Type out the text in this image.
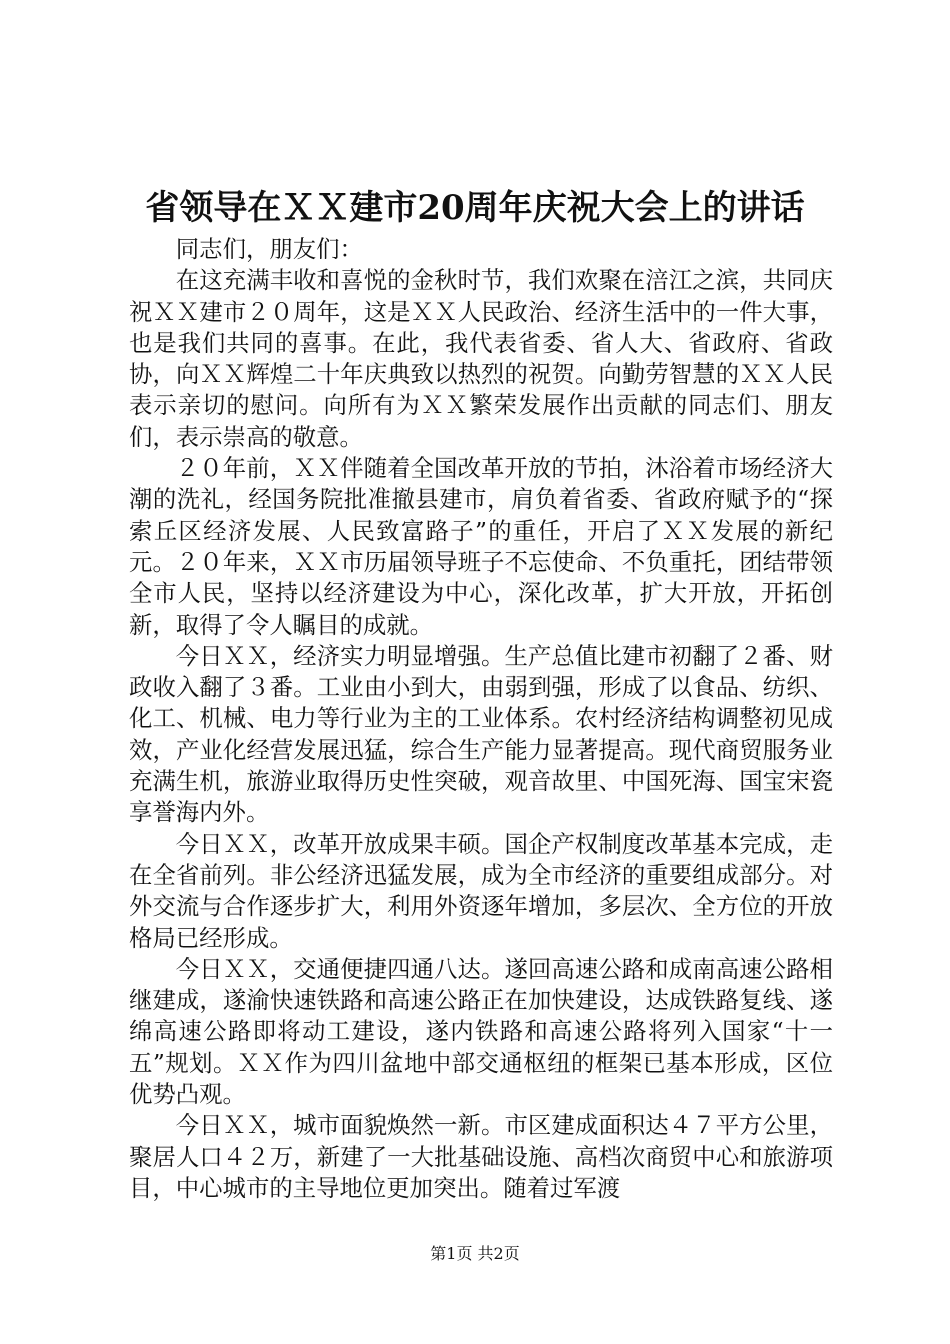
省领导在ＸＸ建市20周年庆祝大会上的讲话

同志们，朋友们：

在这充满丰收和喜悦的金秋时节，我们欢聚在涪江之滨，共同庆祝ＸＸ建市２０周年，这是ＸＸ人民政治、经济生活中的一件大事，也是我们共同的喜事。在此，我代表省委、省人大、省政府、省政协，向ＸＸ辉煌二十年庆典致以热烈的祝贺。向勤劳智慧的ＸＸ人民表示亲切的慰问。向所有为ＸＸ繁荣发展作出贡献的同志们、朋友们，表示崇高的敬意。

２０年前，ＸＸ伴随着全国改革开放的节拍，沐浴着市场经济大潮的洗礼，经国务院批准撤县建市，肩负着省委、省政府赋予的“探索丘区经济发展、人民致富路子”的重任，开启了ＸＸ发展的新纪元。２０年来，ＸＸ市历届领导班子不忘使命、不负重托，团结带领全市人民，坚持以经济建设为中心，深化改革，扩大开放，开拓创新，取得了令人瞩目的成就。

今日ＸＸ，经济实力明显增强。生产总值比建市初翻了２番、财政收入翻了３番。工业由小到大，由弱到强，形成了以食品、纺织、化工、机械、电力等行业为主的工业体系。农村经济结构调整初见成效，产业化经营发展迅猛，综合生产能力显著提高。现代商贸服务业充满生机，旅游业取得历史性突破，观音故里、中国死海、国宝宋瓷享誉海内外。

今日ＸＸ，改革开放成果丰硕。国企产权制度改革基本完成，走在全省前列。非公经济迅猛发展，成为全市经济的重要组成部分。对外交流与合作逐步扩大，利用外资逐年增加，多层次、全方位的开放格局已经形成。

今日ＸＸ，交通便捷四通八达。遂回高速公路和成南高速公路相继建成，遂渝快速铁路和高速公路正在加快建设，达成铁路复线、遂绵高速公路即将动工建设，遂内铁路和高速公路将列入国家“十一五”规划。ＸＸ作为四川盆地中部交通枢纽的框架已基本形成，区位优势凸观。

今日ＸＸ，城市面貌焕然一新。市区建成面积达４７平方公里，聚居人口４２万，新建了一大批基础设施、高档次商贸中心和旅游项目，中心城市的主导地位更加突出。随着过军渡

第1页 共2页
